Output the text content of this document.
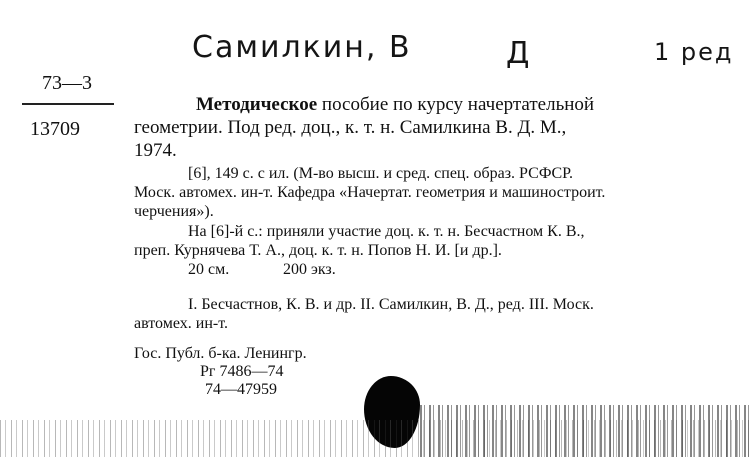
Самилкин, В	Д	1 ред
73—3
13709
Методическое пособие по курсу начертательной
геометрии. Под ред. доц., к. т. н. Самилкина В. Д. М.,
1974.
[6], 149 с. с ил. (М-во высш. и сред. спец. образ. РСФСР.
Моск. автомех. ин-т. Кафедра «Начертат. геометрия и машиностроит.
черчения»).
На [6]-й с.: приняли участие доц. к. т. н. Бесчастном К. В.,
преп. Курнячева Т. А., доц. к. т. н. Попов Н. И. [и др.].
20 см.	200 экз.
I. Бесчастнов, К. В. и др. II. Самилкин, В. Д., ред. III. Моск.
автомех. ин-т.
Гос. Публ. б-ка. Ленингр.
Рг 7486—74
74—47959
